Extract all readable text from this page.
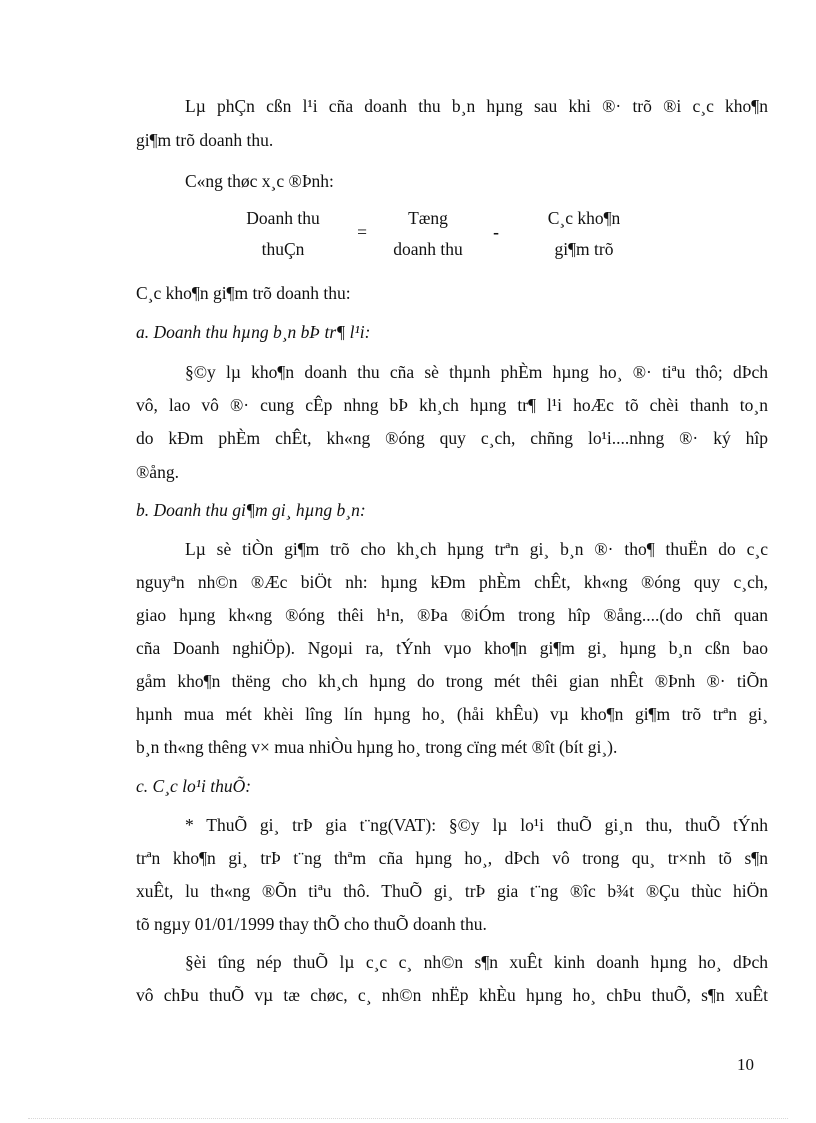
Lµ phÇn cßn l¹i cña doanh thu b¸n hµng sau khi ®· trõ ®i c¸c kho¶n
gi¶m trõ doanh thu.
C«ng thøc x¸c ®Þnh:
Doanh thu
thuÇn
=
Tæng
doanh thu
-
C¸c kho¶n
gi¶m trõ
C¸c kho¶n gi¶m trõ doanh thu:
a. Doanh thu hµng b¸n bÞ tr¶ l¹i:
§©y lµ kho¶n doanh thu cña sè thµnh phÈm hµng ho¸ ®· tiªu thô; dÞch
vô, lao vô ®· cung cÊp nhng bÞ kh¸ch hµng tr¶ l¹i hoÆc tõ chèi thanh to¸n
do kÐm phÈm chÊt, kh«ng ®óng quy c¸ch, chñng lo¹i....nhng ®· ký hîp
®ång.
b. Doanh thu gi¶m gi¸ hµng b¸n:
Lµ sè tiÒn gi¶m trõ cho kh¸ch hµng trªn gi¸ b¸n ®· tho¶ thuËn do c¸c
nguyªn nh©n ®Æc biÖt nh: hµng kÐm phÈm chÊt, kh«ng ®óng quy c¸ch,
giao hµng kh«ng ®óng thêi h¹n, ®Þa ®iÓm trong hîp ®ång....(do chñ quan
cña Doanh nghiÖp). Ngoµi ra, tÝnh vµo kho¶n gi¶m gi¸ hµng b¸n cßn bao
gåm kho¶n thëng cho kh¸ch hµng do trong mét thêi gian nhÊt ®Þnh ®· tiÕn
hµnh mua mét khèi lîng lín hµng ho¸ (håi khÊu) vµ kho¶n gi¶m trõ trªn gi¸
b¸n th«ng thêng v× mua nhiÒu hµng ho¸ trong cïng mét ®ît (bít gi¸).
c. C¸c lo¹i thuÕ:
* ThuÕ gi¸ trÞ gia t¨ng(VAT): §©y lµ lo¹i thuÕ gi¸n thu, thuÕ tÝnh
trªn kho¶n gi¸ trÞ t¨ng thªm cña hµng ho¸, dÞch vô trong qu¸ tr×nh tõ s¶n
xuÊt, lu th«ng ®Õn tiªu thô. ThuÕ gi¸ trÞ gia t¨ng ®îc b¾t ®Çu thùc hiÖn
tõ ngµy 01/01/1999 thay thÕ cho thuÕ doanh thu.
§èi tîng nép thuÕ lµ c¸c c¸ nh©n s¶n xuÊt kinh doanh hµng ho¸ dÞch
vô chÞu thuÕ vµ tæ chøc, c¸ nh©n nhËp khÈu hµng ho¸ chÞu thuÕ, s¶n xuÊt
10
